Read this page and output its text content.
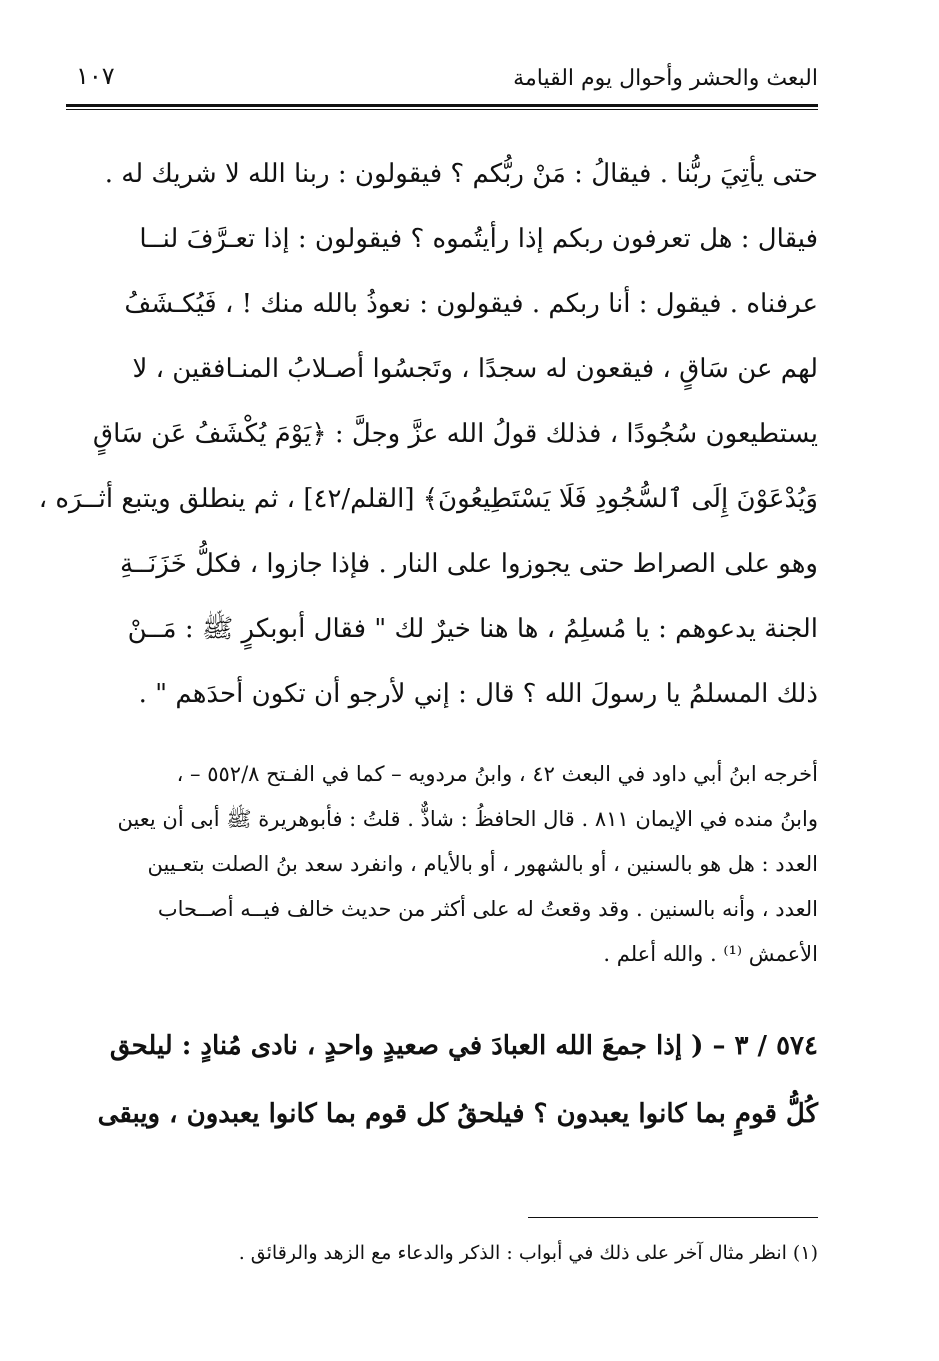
١٠٧	البعث والحشر وأحوال يوم القيامة
حتى يأتِيَ ربُّنا . فيقالُ : مَنْ ربُّكم ؟ فيقولون : ربنا الله لا شريك له .
فيقال : هل تعرفون ربكم إذا رأيتُموه ؟ فيقولون : إذا تعـرَّفَ لنــا
عرفناه . فيقول : أنا ربكم . فيقولون : نعوذُ بالله منك ! ، فَيُكـشَفُ
لهم عن سَاقٍ ، فيقعون له سجدًا ، وتَجسُوا أصـلابُ المنـافقين ، لا
يستطيعون سُجُودًا ، فذلك قولُ الله عزَّ وجلَّ : ﴿يَوْمَ يُكْشَفُ عَن سَاقٍ
وَيُدْعَوْنَ إِلَى ٱلسُّجُودِ فَلَا يَسْتَطِيعُونَ﴾ [القلم/٤٢] ، ثم ينطلق ويتبع أثــرَه ،
وهو على الصراط حتى يجوزوا على النار . فإذا جازوا ، فكلُّ خَزَنَــةِ
الجنة يدعوهم : يا مُسلِمُ ، ها هنا خيرٌ لك " فقال أبوبكرٍ ﷺ : مَــنْ
ذلك المسلمُ يا رسولَ الله ؟ قال : إني لأرجو أن تكون أحدَهم " .
أخرجه ابنُ أبي داود في البعث ٤٢ ، وابنُ مردويه – كما في الفـتح ٥٥٢/٨ – ،
وابنُ منده في الإيمان ٨١١ . قال الحافظُ : شاذٌّ . قلتُ : فأبوهريرة ﷺ أبى أن يعين
العدد : هل هو بالسنين ، أو بالشهور ، أو بالأيام ، وانفرد سعد بنُ الصلت بتعـيين
العدد ، وأنه بالسنين . وقد وقعتُ له على أكثر من حديث خالف فيــه أصــحاب
الأعمش ⁽¹⁾ . والله أعلم .
٥٧٤ / ٣ – ( إذا جمعَ الله العبادَ في صعيدٍ واحدٍ ، نادى مُنادٍ : ليلحق
كُلُّ قومٍ بما كانوا يعبدون ؟ فيلحقُ كل قوم بما كانوا يعبدون ، ويبقى
(١) انظر مثال آخر على ذلك في أبواب : الذكر والدعاء مع الزهد والرقائق .
